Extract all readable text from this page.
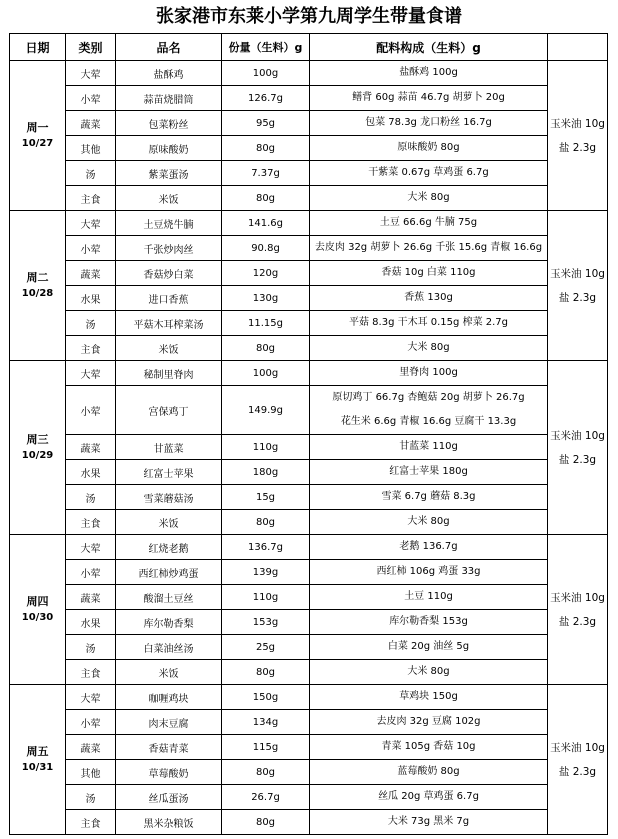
张家港市东莱小学第九周学生带量食谱
日期	类别	品名	份量（生料）g	配料构成（生料）g	

周一
10/27	大荤	盐酥鸡	100g	盐酥鸡 100g	玉米油 10g
盐 2.3g

	小荤	蒜苗烧腊筒	126.7g	鳝背 60g 蒜苗 46.7g 胡萝卜 20g	

	蔬菜	包菜粉丝	95g	包菜 78.3g 龙口粉丝 16.7g	

	其他	原味酸奶	80g	原味酸奶 80g	

	汤	紫菜蛋汤	7.37g	干紫菜 0.67g 草鸡蛋 6.7g	

	主食	米饭	80g	大米 80g	

周二
10/28	大荤	土豆烧牛腩	141.6g	土豆 66.6g 牛腩 75g	玉米油 10g
盐 2.3g

	小荤	千张炒肉丝	90.8g	去皮肉 32g 胡萝卜 26.6g 千张 15.6g 青椒 16.6g	

	蔬菜	香菇炒白菜	120g	香菇 10g 白菜 110g	

	水果	进口香蕉	130g	香蕉 130g	

	汤	平菇木耳榨菜汤	11.15g	平菇 8.3g 干木耳 0.15g 榨菜 2.7g	

	主食	米饭	80g	大米 80g	

周三
10/29	大荤	秘制里脊肉	100g	里脊肉 100g	玉米油 10g
盐 2.3g

	小荤	宫保鸡丁	149.9g	原切鸡丁 66.7g 杏鲍菇 20g 胡萝卜 26.7g
花生米 6.6g 青椒 16.6g 豆腐干 13.3g	

	蔬菜	甘蓝菜	110g	甘蓝菜 110g	

	水果	红富士苹果	180g	红富士苹果 180g	

	汤	雪菜蘑菇汤	15g	雪菜 6.7g 蘑菇 8.3g	

	主食	米饭	80g	大米 80g	

周四
10/30	大荤	红烧老鹅	136.7g	老鹅 136.7g	玉米油 10g
盐 2.3g

	小荤	西红柿炒鸡蛋	139g	西红柿 106g 鸡蛋 33g	

	蔬菜	酸溜土豆丝	110g	土豆 110g	

	水果	库尔勒香梨	153g	库尔勒香梨 153g	

	汤	白菜油丝汤	25g	白菜 20g 油丝 5g	

	主食	米饭	80g	大米 80g	

周五
10/31	大荤	咖喱鸡块	150g	草鸡块 150g	玉米油 10g
盐 2.3g

	小荤	肉末豆腐	134g	去皮肉 32g 豆腐 102g	

	蔬菜	香菇青菜	115g	青菜 105g 香菇 10g	

	其他	草莓酸奶	80g	蓝莓酸奶 80g	

	汤	丝瓜蛋汤	26.7g	丝瓜 20g 草鸡蛋 6.7g	

	主食	黑米杂粮饭	80g	大米 73g 黑米 7g	
